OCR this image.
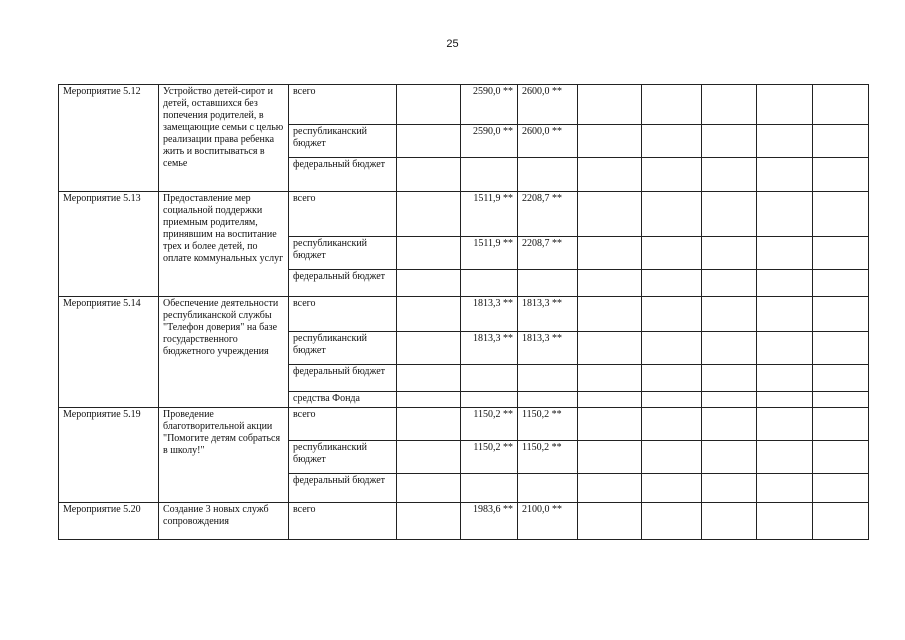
25
Мероприятие 5.12	Устройство детей-сирот и детей, оставшихся без попечения родителей, в замещающие семьи с целью реализации права ребенка жить и воспитываться в семье	всего		2590,0 **	2600,0 **					
		республиканский бюджет		2590,0 **	2600,0 **					
		федеральный бюджет								
Мероприятие 5.13	Предоставление мер социальной поддержки приемным родителям, принявшим на воспитание трех и более детей, по оплате коммунальных услуг	всего		1511,9 **	2208,7 **					
		республиканский бюджет		1511,9 **	2208,7 **					
		федеральный бюджет								
Мероприятие 5.14	Обеспечение деятельности республиканской службы "Телефон доверия" на базе государственного бюджетного учреждения	всего		1813,3 **	1813,3 **					
		республиканский бюджет		1813,3 **	1813,3 **					
		федеральный бюджет								
		средства Фонда								
Мероприятие 5.19	Проведение благотворительной акции "Помогите детям собраться в школу!"	всего		1150,2 **	1150,2 **					
		республиканский бюджет		1150,2 **	1150,2 **					
		федеральный бюджет								
Мероприятие 5.20	Создание 3 новых служб сопровождения	всего		1983,6 **	2100,0 **					
